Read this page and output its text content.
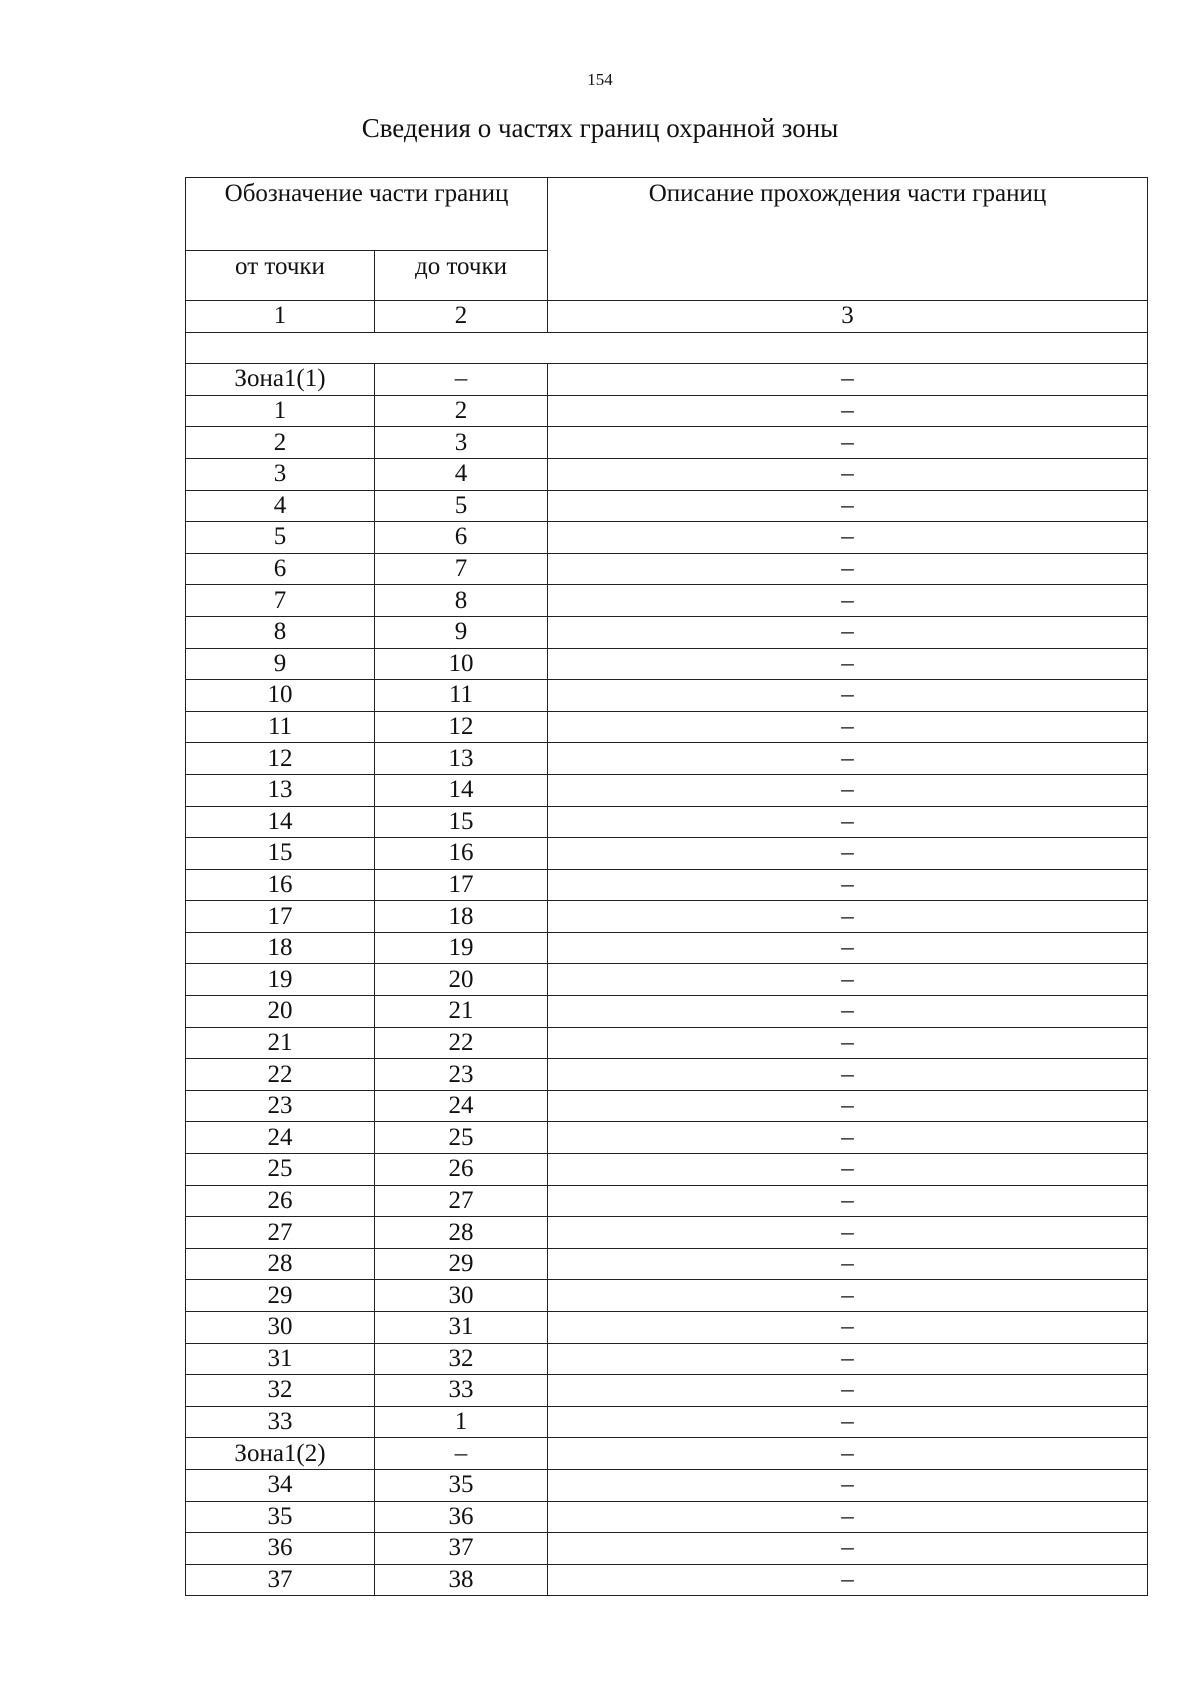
154
Сведения о частях границ охранной зоны
Обозначение части границ		Описание прохождения части границ
от точки	до точки	
1	2	3

Зона1(1)	–	–
1	2	–
2	3	–
3	4	–
4	5	–
5	6	–
6	7	–
7	8	–
8	9	–
9	10	–
10	11	–
11	12	–
12	13	–
13	14	–
14	15	–
15	16	–
16	17	–
17	18	–
18	19	–
19	20	–
20	21	–
21	22	–
22	23	–
23	24	–
24	25	–
25	26	–
26	27	–
27	28	–
28	29	–
29	30	–
30	31	–
31	32	–
32	33	–
33	1	–
Зона1(2)	–	–
34	35	–
35	36	–
36	37	–
37	38	–
